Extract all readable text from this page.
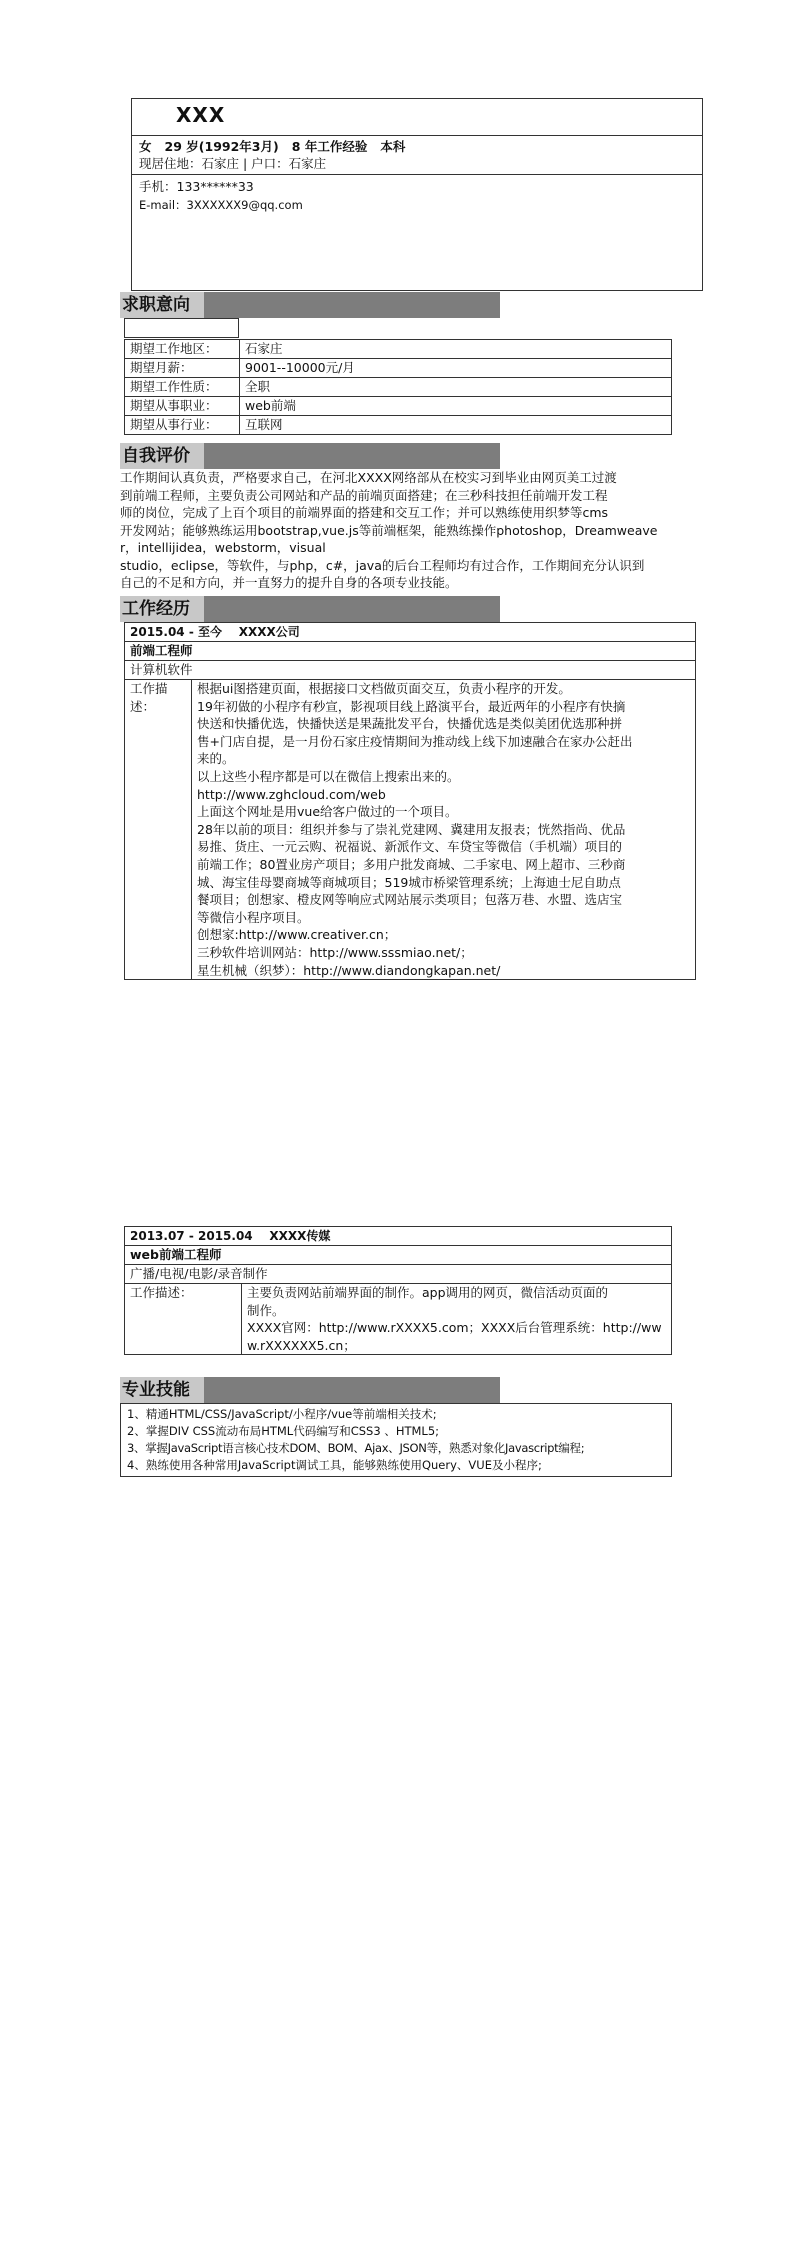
XXX
女   29 岁(1992年3月)   8 年工作经验   本科
现居住地：石家庄 | 户口：石家庄
手机：133******33
E-mail：3XXXXXX9@qq.com
求职意向
期望工作地区：	石家庄
期望月薪：	9001--10000元/月
期望工作性质：	全职
期望从事职业：	web前端
期望从事行业：	互联网
自我评价
工作期间认真负责，严格要求自己，在河北XXXX网络部从在校实习到毕业由网页美工过渡
到前端工程师，主要负责公司网站和产品的前端页面搭建；在三秒科技担任前端开发工程
师的岗位，完成了上百个项目的前端界面的搭建和交互工作；并可以熟练使用织梦等cms
开发网站；能够熟练运用bootstrap,vue.js等前端框架，能熟练操作photoshop，Dreamweave
r，intellijidea，webstorm，visual
studio，eclipse，等软件，与php，c#，java的后台工程师均有过合作，工作期间充分认识到
自己的不足和方向，并一直努力的提升自身的各项专业技能。
工作经历
2015.04 - 至今 XXXX公司
前端工程师
计算机软件
工作描述：	
根据ui图搭建页面，根据接口文档做页面交互，负责小程序的开发。
19年初做的小程序有秒宣，影视项目线上路演平台，最近两年的小程序有快摘
快送和快播优选，快播快送是果蔬批发平台，快播优选是类似美团优选那种拼
售+门店自提，是一月份石家庄疫情期间为推动线上线下加速融合在家办公赶出
来的。
以上这些小程序都是可以在微信上搜索出来的。
http://www.zghcloud.com/web
上面这个网址是用vue给客户做过的一个项目。
28年以前的项目：组织并参与了崇礼党建网、冀建用友报表；恍然指尚、优品
易推、货庄、一元云购、祝福说、新派作文、车贷宝等微信（手机端）项目的
前端工作；80置业房产项目；多用户批发商城、二手家电、网上超市、三秒商
城、海宝佳母婴商城等商城项目；519城市桥梁管理系统；上海迪士尼自助点
餐项目；创想家、橙皮网等响应式网站展示类项目；包落万巷、水盟、选店宝
等微信小程序项目。
创想家:http://www.creativer.cn；
三秒软件培训网站：http://www.sssmiao.net/；
星生机械（织梦）：http://www.diandongkapan.net/
2013.07 - 2015.04 XXXX传媒
web前端工程师
广播/电视/电影/录音制作
工作描述：	主要负责网站前端界面的制作。app调用的网页，微信活动页面的
制作。
XXXX官网：http://www.rXXXX5.com；XXXX后台管理系统：http://ww
w.rXXXXXX5.cn；
专业技能
1、精通HTML/CSS/JavaScript/小程序/vue等前端相关技术;
2、掌握DIV CSS流动布局HTML代码编写和CSS3 、HTML5;
3、掌握JavaScript语言核心技术DOM、BOM、Ajax、JSON等，熟悉对象化Javascript编程;
4、熟练使用各种常用JavaScript调试工具，能够熟练使用Query、VUE及小程序;
